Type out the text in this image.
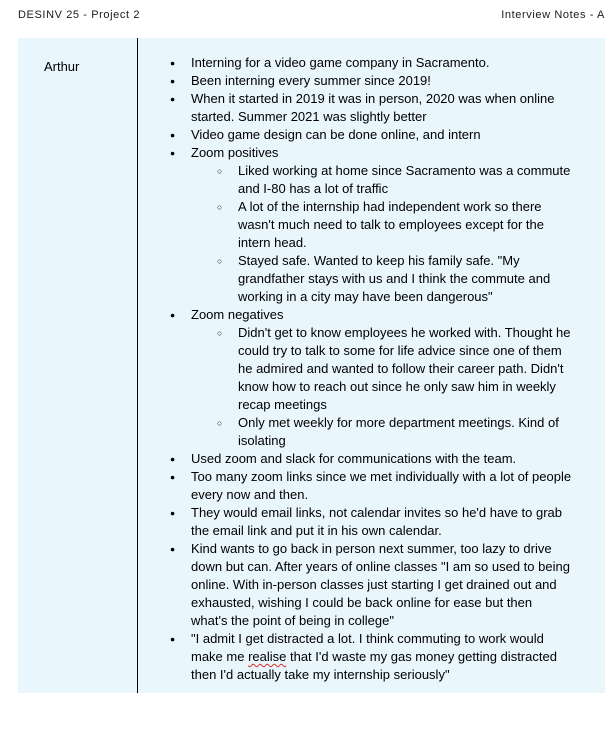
DESINV 25 - Project 2	Interview Notes - A

Arthur
	●	Interning for a video game company in Sacramento.
●	Been interning every summer since 2019!
●	When it started in 2019 it was in person, 2020 was when online
started. Summer 2021 was slightly better
●	Video game design can be done online, and intern
●	Zoom positives
○	Liked working at home since Sacramento was a commute
and I-80 has a lot of traffic
○	A lot of the internship had independent work so there
wasn't much need to talk to employees except for the
intern head.
○	Stayed safe. Wanted to keep his family safe. "My
grandfather stays with us and I think the commute and
working in a city may have been dangerous"
●	Zoom negatives
○	Didn't get to know employees he worked with. Thought he
could try to talk to some for life advice since one of them
he admired and wanted to follow their career path. Didn't
know how to reach out since he only saw him in weekly
recap meetings
○	Only met weekly for more department meetings. Kind of
isolating
●	Used zoom and slack for communications with the team.
●	Too many zoom links since we met individually with a lot of people
every now and then.
●	They would email links, not calendar invites so he'd have to grab
the email link and put it in his own calendar.
●	Kind wants to go back in person next summer, too lazy to drive
down but can. After years of online classes "I am so used to being
online. With in-person classes just starting I get drained out and
exhausted, wishing I could be back online for ease but then
what's the point of being in college"
●	"I admit I get distracted a lot. I think commuting to work would
make me realise that I'd waste my gas money getting distracted
then I'd actually take my internship seriously"
